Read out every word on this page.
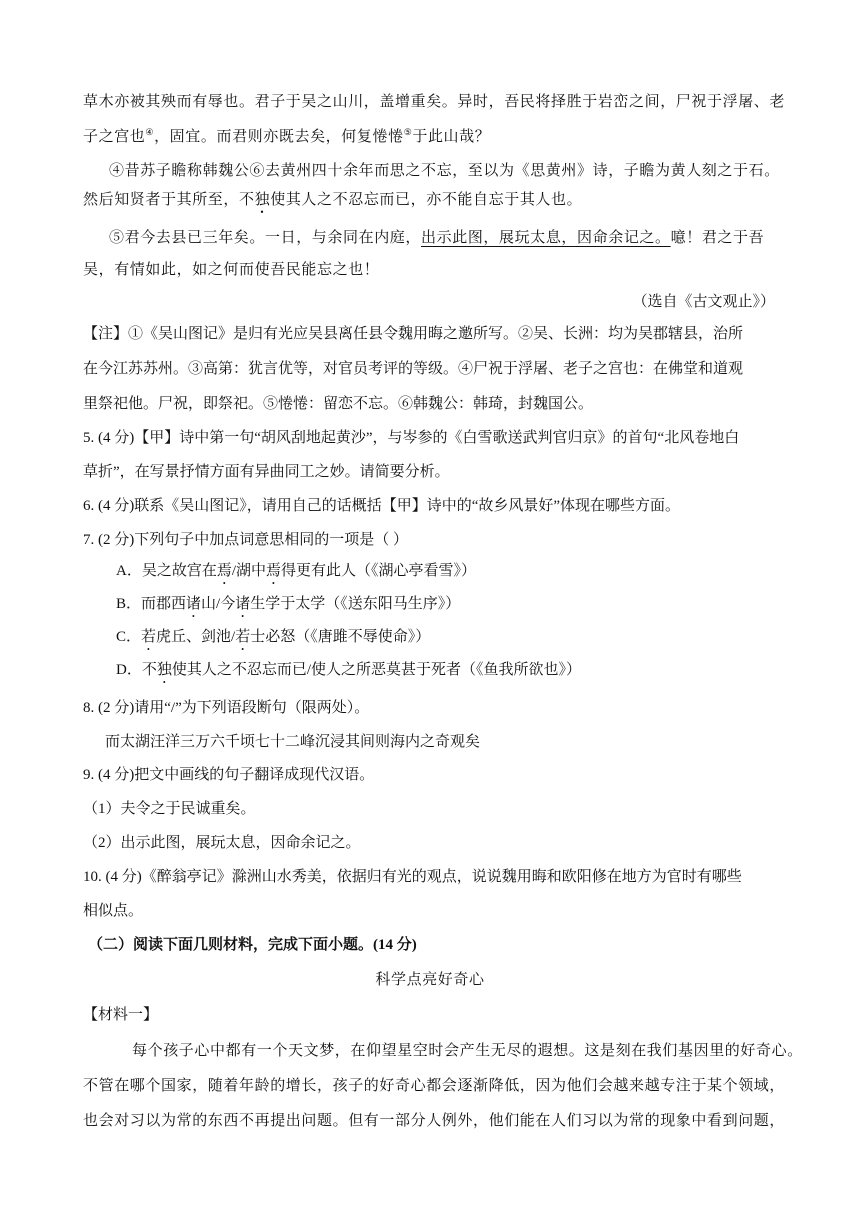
草木亦被其殃而有辱也。君子于吴之山川，盖增重矣。异时，吾民将择胜于岩峦之间，尸祝于浮屠、老
子之宫也④，固宜。而君则亦既去矣，何复惓惓⑤于此山哉？
④昔苏子瞻称韩魏公⑥去黄州四十余年而思之不忘，至以为《思黄州》诗，子瞻为黄人刻之于石。
然后知贤者于其所至，不独使其人之不忍忘而已，亦不能自忘于其人也。
⑤君今去县已三年矣。一日，与余同在内庭，出示此图，展玩太息，因命余记之。噫！君之于吾
吴，有情如此，如之何而使吾民能忘之也！
（选自《古文观止》）
【注】①《吴山图记》是归有光应吴县离任县令魏用晦之邀所写。②吴、长洲：均为吴郡辖县，治所
在今江苏苏州。③高第：犹言优等，对官员考评的等级。④尸祝于浮屠、老子之宫也：在佛堂和道观
里祭祀他。尸祝，即祭祀。⑤惓惓：留恋不忘。⑥韩魏公：韩琦，封魏国公。
5. (4 分)【甲】诗中第一句“胡风刮地起黄沙”，与岑参的《白雪歌送武判官归京》的首句“北风卷地白
草折”，在写景抒情方面有异曲同工之妙。请简要分析。
6. (4 分)联系《吴山图记》，请用自己的话概括【甲】诗中的“故乡风景好”体现在哪些方面。
7. (2 分)下列句子中加点词意思相同的一项是（ ）
A．吴之故宫在焉/湖中焉得更有此人（《湖心亭看雪》）
B．而郡西诸山/今诸生学于太学（《送东阳马生序》）
C．若虎丘、剑池/若士必怒（《唐雎不辱使命》）
D．不独使其人之不忍忘而已/使人之所恶莫甚于死者（《鱼我所欲也》）
8. (2 分)请用“/”为下列语段断句（限两处）。
而太湖汪洋三万六千顷七十二峰沉浸其间则海内之奇观矣
9. (4 分)把文中画线的句子翻译成现代汉语。
（1）夫令之于民诚重矣。
（2）出示此图，展玩太息，因命余记之。
10. (4 分)《醉翁亭记》滁洲山水秀美，依据归有光的观点，说说魏用晦和欧阳修在地方为官时有哪些
相似点。
（二）阅读下面几则材料，完成下面小题。(14 分)
科学点亮好奇心
【材料一】
每个孩子心中都有一个天文梦，在仰望星空时会产生无尽的遐想。这是刻在我们基因里的好奇心。
不管在哪个国家，随着年龄的增长，孩子的好奇心都会逐渐降低，因为他们会越来越专注于某个领域，
也会对习以为常的东西不再提出问题。但有一部分人例外，他们能在人们习以为常的现象中看到问题，
